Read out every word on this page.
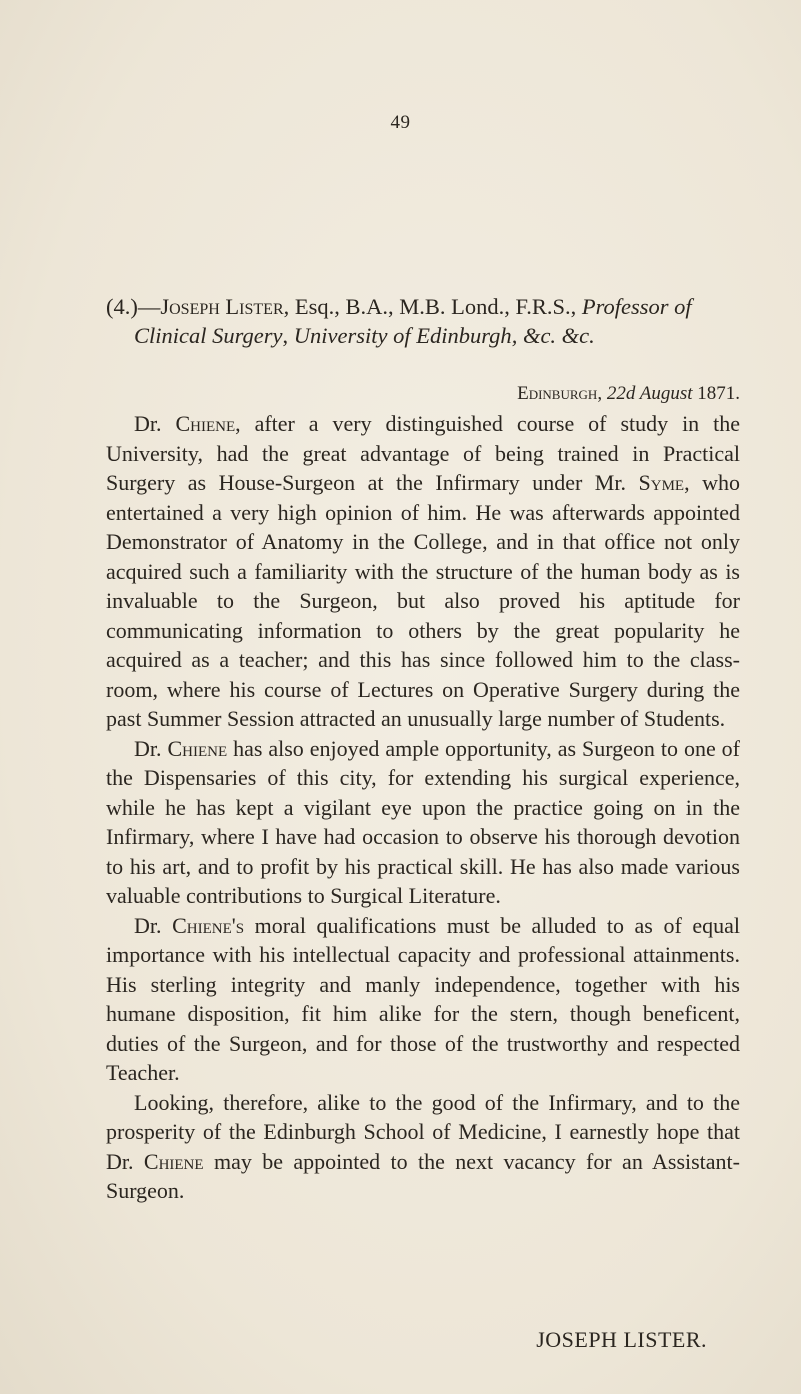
49
(4.)—Joseph Lister, Esq., B.A., M.B. Lond., F.R.S., Professor of
Clinical Surgery, University of Edinburgh, &c. &c.
Edinburgh, 22d August 1871.

Dr. Chiene, after a very distinguished course of study in the University, had the great advantage of being trained in Practical Surgery as House-Surgeon at the Infirmary under Mr. Syme, who entertained a very high opinion of him. He was afterwards appointed Demonstrator of Anatomy in the College, and in that office not only acquired such a familiarity with the structure of the human body as is invaluable to the Surgeon, but also proved his aptitude for communicating information to others by the great popularity he acquired as a teacher; and this has since followed him to the class-room, where his course of Lectures on Operative Surgery during the past Summer Session attracted an unusually large number of Students.

Dr. Chiene has also enjoyed ample opportunity, as Surgeon to one of the Dispensaries of this city, for extending his surgical experience, while he has kept a vigilant eye upon the practice going on in the Infirmary, where I have had occasion to observe his thorough devotion to his art, and to profit by his practical skill. He has also made various valuable contributions to Surgical Literature.

Dr. Chiene's moral qualifications must be alluded to as of equal importance with his intellectual capacity and professional attainments. His sterling integrity and manly independence, together with his humane disposition, fit him alike for the stern, though beneficent, duties of the Surgeon, and for those of the trustworthy and respected Teacher.

Looking, therefore, alike to the good of the Infirmary, and to the prosperity of the Edinburgh School of Medicine, I earnestly hope that Dr. Chiene may be appointed to the next vacancy for an Assistant-Surgeon.

JOSEPH LISTER.
